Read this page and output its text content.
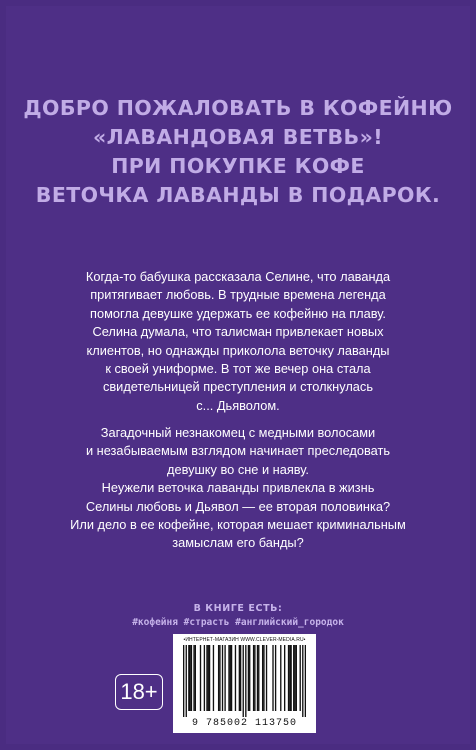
ДОБРО ПОЖАЛОВАТЬ В КОФЕЙНЮ
«ЛАВАНДОВАЯ ВЕТВЬ»!
ПРИ ПОКУПКЕ КОФЕ
ВЕТОЧКА ЛАВАНДЫ В ПОДАРОК.
Когда-то бабушка рассказала Селине, что лаванда
притягивает любовь. В трудные времена легенда
помогла девушке удержать ее кофейню на плаву.
Селина думала, что талисман привлекает новых
клиентов, но однажды приколола веточку лаванды
к своей униформе. В тот же вечер она стала
свидетельницей преступления и столкнулась
с... Дьяволом.
Загадочный незнакомец с медными волосами
и незабываемым взглядом начинает преследовать
девушку во сне и наяву.
Неужели веточка лаванды привлекла в жизнь
Селины любовь и Дьявол — ее вторая половинка?
Или дело в ее кофейне, которая мешает криминальным
замыслам его банды?
В КНИГЕ ЕСТЬ:
#кофейня #страсть #английский_городок
18+
•ИНТЕРНЕТ-МАГАЗИН WWW.CLEVER-MEDIA.RU•
9 785002 113750
